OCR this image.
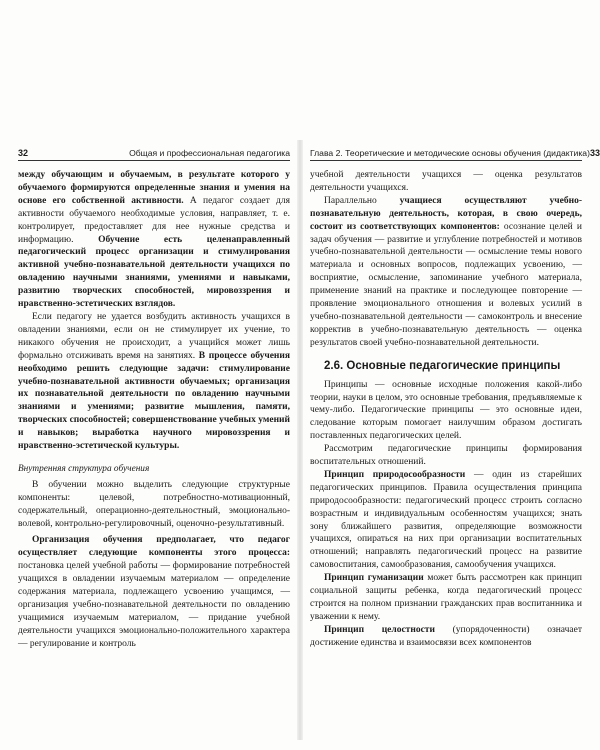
32	Общая и профессиональная педагогика

между обучающим и обучаемым, в результате которого у обучаемого формируются определенные знания и умения на основе его собственной активности. А педагог создает для активности обучаемого необходимые условия, направляет, т. е. контролирует, предоставляет для нее нужные средства и информацию. Обучение есть целенаправленный педагогический процесс организации и стимулирования активной учебно-познавательной деятельности учащихся по овладению научными знаниями, умениями и навыками, развитию творческих способностей, мировоззрения и нравственно-эстетических взглядов.

Если педагогу не удается возбудить активность учащихся в овладении знаниями, если он не стимулирует их учение, то никакого обучения не происходит, а учащийся может лишь формально отсиживать время на занятиях. В процессе обучения необходимо решить следующие задачи: стимулирование учебно-познавательной активности обучаемых; организация их познавательной деятельности по овладению научными знаниями и умениями; развитие мышления, памяти, творческих способностей; совершенствование учебных умений и навыков; выработка научного мировоззрения и нравственно-эстетической культуры.

Внутренняя структура обучения

В обучении можно выделить следующие структурные компоненты: целевой, потребностно-мотивационный, содержательный, операционно-деятельностный, эмоционально-волевой, контрольно-регулировочный, оценочно-результативный.

Организация обучения предполагает, что педагог осуществляет следующие компоненты этого процесса: постановка целей учебной работы — формирование потребностей учащихся в овладении изучаемым материалом — определение содержания материала, подлежащего усвоению учащимся, — организация учебно-познавательной деятельности по овладению учащимися изучаемым материалом, — придание учебной деятельности учащихся эмоционально-положительного характера — регулирование и контроль

Глава 2. Теоретические и методические основы обучения (дидактика) 33

учебной деятельности учащихся — оценка результатов деятельности учащихся.

Параллельно учащиеся осуществляют учебно-познавательную деятельность, которая, в свою очередь, состоит из соответствующих компонентов: осознание целей и задач обучения — развитие и углубление потребностей и мотивов учебно-познавательной деятельности — осмысление темы нового материала и основных вопросов, подлежащих усвоению, — восприятие, осмысление, запоминание учебного материала, применение знаний на практике и последующее повторение — проявление эмоционального отношения и волевых усилий в учебно-познавательной деятельности — самоконтроль и внесение корректив в учебно-познавательную деятельность — оценка результатов своей учебно-познавательной деятельности.

2.6. Основные педагогические принципы

Принципы — основные исходные положения какой-либо теории, науки в целом, это основные требования, предъявляемые к чему-либо. Педагогические принципы — это основные идеи, следование которым помогает наилучшим образом достигать поставленных педагогических целей.

Рассмотрим педагогические принципы формирования воспитательных отношений.

Принцип природосообразности — один из старейших педагогических принципов. Правила осуществления принципа природосообразности: педагогический процесс строить согласно возрастным и индивидуальным особенностям учащихся; знать зону ближайшего развития, определяющие возможности учащихся, опираться на них при организации воспитательных отношений; направлять педагогический процесс на развитие самовоспитания, самообразования, самообучения учащихся.

Принцип гуманизации может быть рассмотрен как принцип социальной защиты ребенка, когда педагогический процесс строится на полном признании гражданских прав воспитанника и уважении к нему.

Принцип целостности (упорядоченности) означает достижение единства и взаимосвязи всех компонентов
